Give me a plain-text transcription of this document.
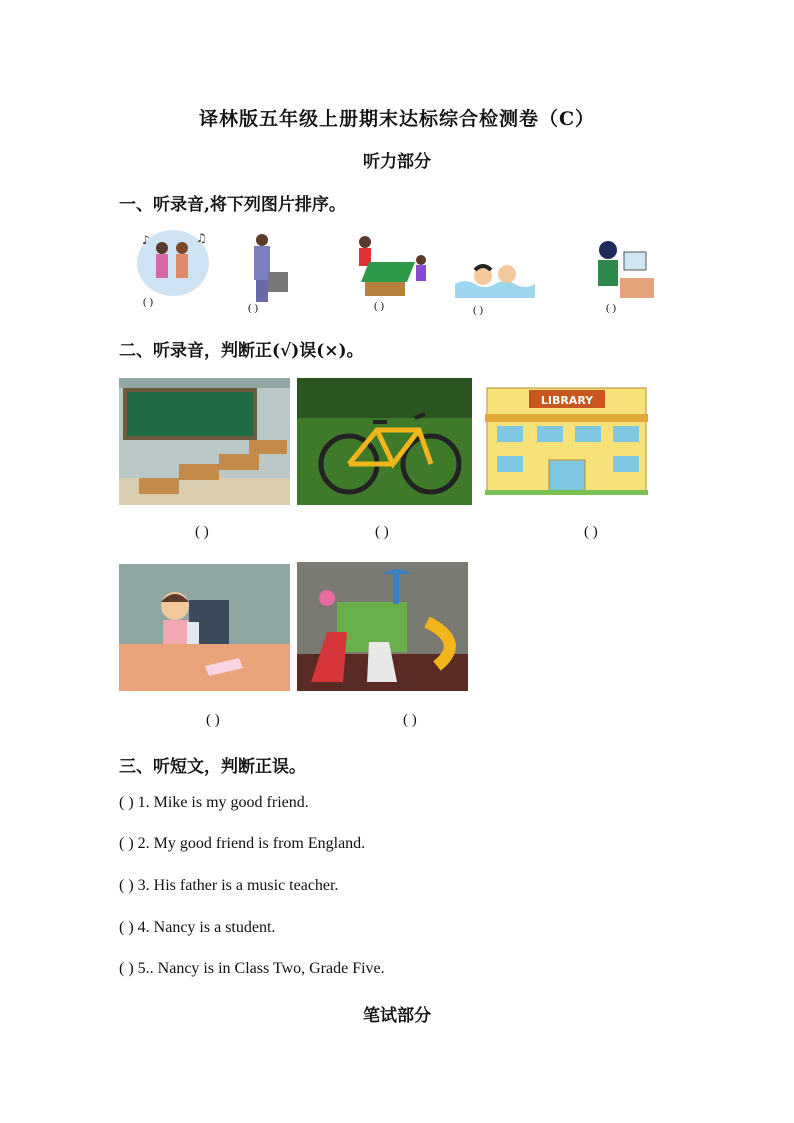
译林版五年级上册期末达标综合检测卷（C）
听力部分
一、听录音,将下列图片排序。
♪	♫
( )	( )	( )	( )	( )
二、听录音，判断正(√)误(×)。
LIBRARY
( )	( )	( )
( )	( )
三、听短文，判断正误。
( ) 1. Mike is my good friend.
( ) 2. My good friend is from England.
( ) 3. His father is a music teacher.
( ) 4. Nancy is a student.
( ) 5.. Nancy is in Class Two, Grade Five.
笔试部分
